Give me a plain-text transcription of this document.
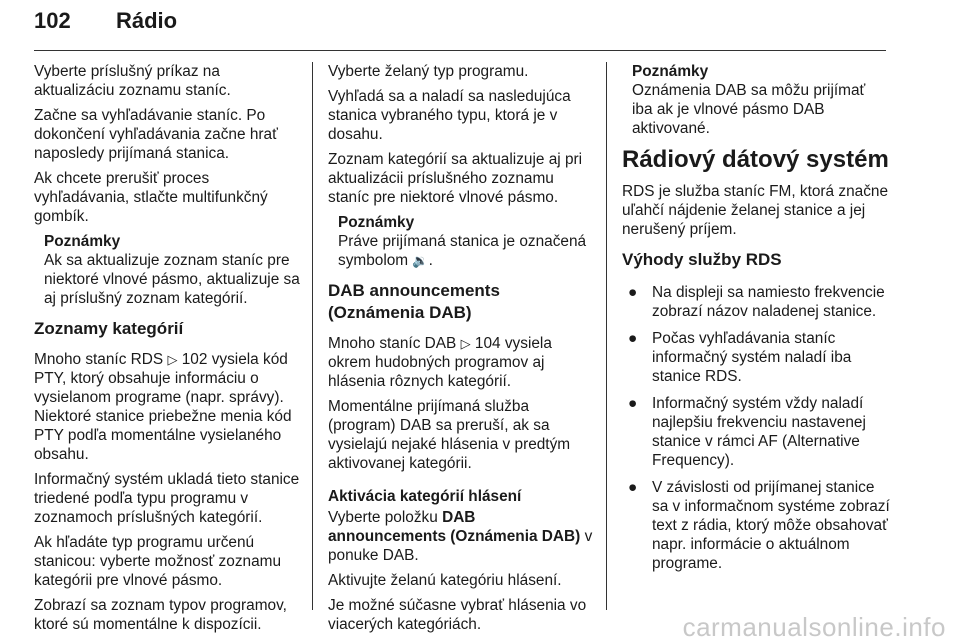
102 Rádio

Vyberte príslušný príkaz na aktualizáciu zoznamu staníc.

Začne sa vyhľadávanie staníc. Po dokončení vyhľadávania začne hrať naposledy prijímaná stanica.

Ak chcete prerušiť proces vyhľadávania, stlačte multifunkčný gombík.

Poznámky
Ak sa aktualizuje zoznam staníc pre niektoré vlnové pásmo, aktualizuje sa aj príslušný zoznam kategórií.
Zoznamy kategórií

Mnoho staníc RDS ▷ 102 vysiela kód PTY, ktorý obsahuje informáciu o vysielanom programe (napr. správy). Niektoré stanice priebežne menia kód PTY podľa momentálne vysielaného obsahu.

Informačný systém ukladá tieto stanice triedené podľa typu programu v zoznamoch príslušných kategórií.

Ak hľadáte typ programu určenú stanicou: vyberte možnosť zoznamu kategórii pre vlnové pásmo.

Zobrazí sa zoznam typov programov, ktoré sú momentálne k dispozícii.

Vyberte želaný typ programu.

Vyhľadá sa a naladí sa nasledujúca stanica vybraného typu, ktorá je v dosahu.

Zoznam kategórií sa aktualizuje aj pri aktualizácii príslušného zoznamu staníc pre niektoré vlnové pásmo.

Poznámky
Práve prijímaná stanica je označená symbolom 🔉.
DAB announcements
(Oznámenia DAB)

Mnoho staníc DAB ▷ 104 vysiela okrem hudobných programov aj hlásenia rôznych kategórií.

Momentálne prijímaná služba (program) DAB sa preruší, ak sa vysielajú nejaké hlásenia v predtým aktivovanej kategórii.

Aktivácia kategórií hlásení

Vyberte položku DAB announcements (Oznámenia DAB) v ponuke DAB.

Aktivujte želanú kategóriu hlásení.

Je možné súčasne vybrať hlásenia vo viacerých kategóriách.

Poznámky
Oznámenia DAB sa môžu prijímať iba ak je vlnové pásmo DAB aktivované.
Rádiový dátový systém

RDS je služba staníc FM, ktorá značne uľahčí nájdenie želanej stanice a jej nerušený príjem.

Výhody služby RDS
● Na displeji sa namiesto frekvencie zobrazí názov naladenej stanice.
● Počas vyhľadávania staníc informačný systém naladí iba stanice RDS.
● Informačný systém vždy naladí najlepšiu frekvenciu nastavenej stanice v rámci AF (Alternative Frequency).
● V závislosti od prijímanej stanice sa v informačnom systéme zobrazí text z rádia, ktorý môže obsahovať napr. informácie o aktuálnom programe.
carmanualsonline.info
